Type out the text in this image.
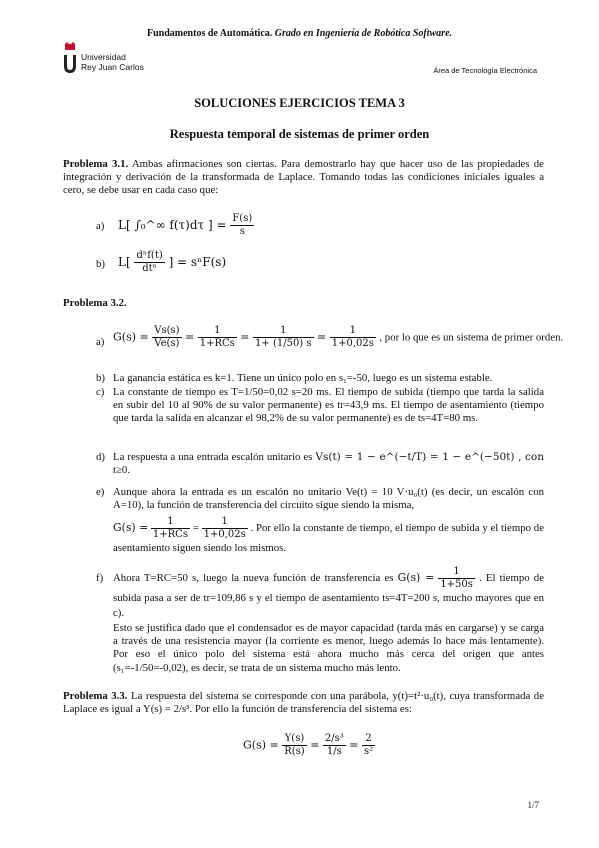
Fundamentos de Automática. Grado en Ingeniería de Robótica Software.
Universidad
Rey Juan Carlos	Área de Tecnología Electrónica
SOLUCIONES EJERCICIOS TEMA 3
Respuesta temporal de sistemas de primer orden
Problema 3.1. Ambas afirmaciones son ciertas. Para demostrarlo hay que hacer uso de las propiedades de integración y derivación de la transformada de Laplace. Tomando todas las condiciones iniciales iguales a cero, se debe usar en cada caso que:
a) L[ ∫₀^∞ f(τ)dτ ] = $\frac{F(s)}{s}$
b) $L[ \frac{\text{dⁿf(t)}}{\text{dtⁿ}}$ ] = sⁿF(s)
Problema 3.2.
a) $G(s) = \frac{Vs(s)}{Ve(s)} = \frac{1}{\text{1+RCs}} = \frac{1}{1+ (1/50) s} = \frac{1}{1+0,02s}$ , por lo que es un sistema de primer orden.
b) La ganancia estática es k=1. Tiene un único polo en s₁=-50, luego es un sistema estable.
c) La constante de tiempo es T=1/50=0,02 s=20 ms. El tiempo de subida (tiempo que tarda la salida en subir del 10 al 90% de su valor permanente) es tr=43,9 ms. El tiempo de asentamiento (tiempo que tarda la salida en alcanzar el 98,2% de su valor permanente) es de ts=4T=80 ms.
d) La respuesta a una entrada escalón unitario es Vs(t) = 1 − e^(−t/T) = 1 − e^(−50t) , con t≥0.
e) Aunque ahora la entrada es un escalón no unitario Ve(t) = 10 V·u₀(t) (es decir, un escalón con A=10), la función de transferencia del circuito sigue siendo la misma,
$G(s) = \frac{1}{\text{1+RCs}} = \frac{1}{1+0,02s}$ . Por ello la constante de tiempo, el tiempo de subida y el tiempo de asentamiento siguen siendo los mismos.
f) Ahora T=RC=50 s, luego la nueva función de transferencia es $G(s) = \frac{1}{1+50s}$ . El tiempo de subida pasa a ser de tr=109,86 s y el tiempo de asentamiento ts=4T=200 s, mucho mayores que en c).
Esto se justifica dado que el condensador es de mayor capacidad (tarda más en cargarse) y se carga a través de una resistencia mayor (la corriente es menor, luego además lo hace más lentamente). Por eso el único polo del sistema está ahora mucho más cerca del origen que antes (s₁=-1/50=-0,02), es decir, se trata de un sistema mucho más lento.
Problema 3.3. La respuesta del sistema se corresponde con una parábola, y(t)=t²·u₀(t), cuya transformada de Laplace es igual a Y(s) = 2/s³. Por ello la función de transferencia del sistema es:
$G(s) = \frac{Y(s)}{R(s)} = \frac{\text{2/s³}}{1/s} = \frac{2}{\text{s²}}$
1/7
